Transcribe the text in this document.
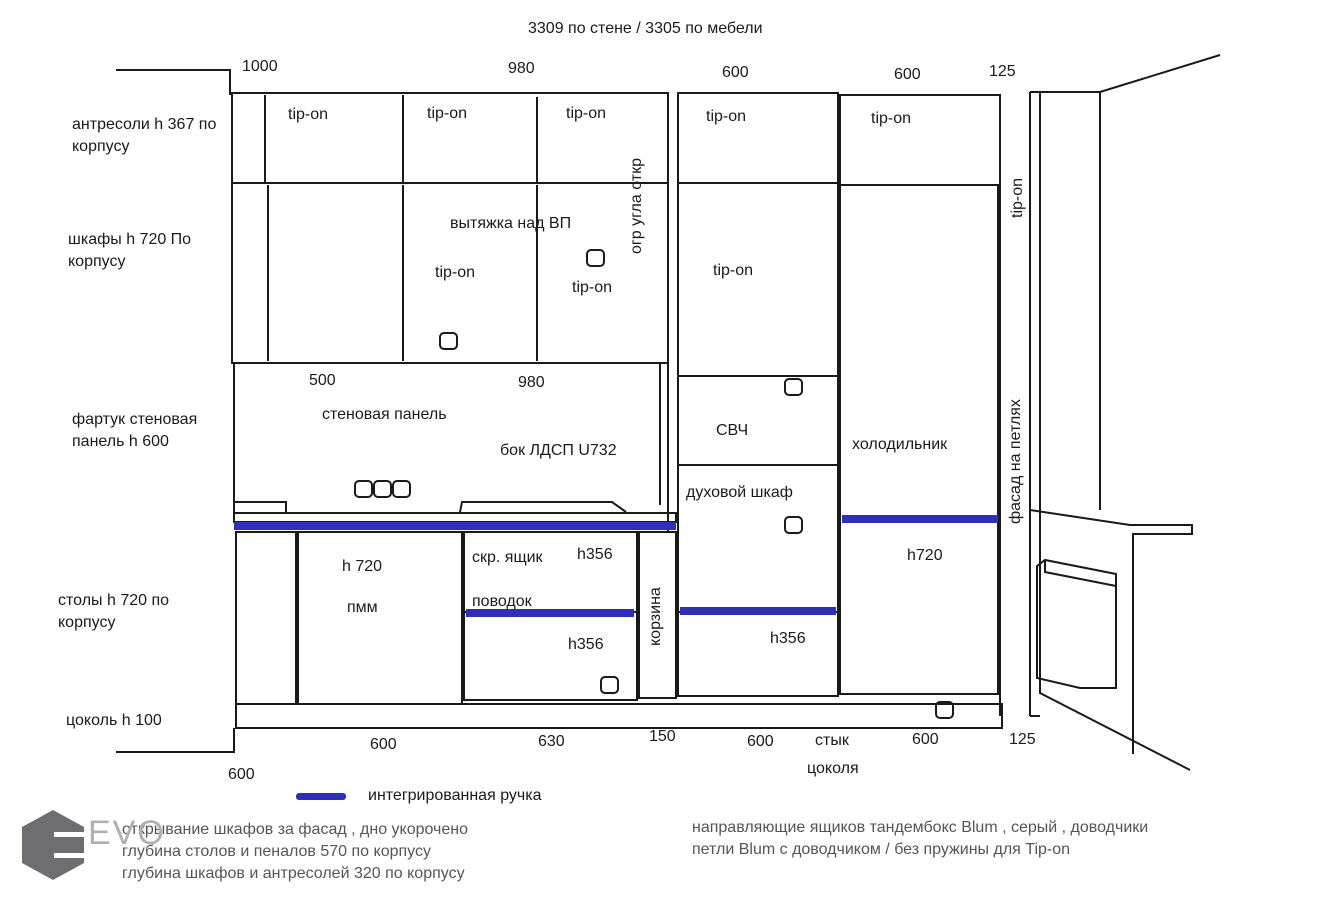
3309 по стене / 3305 по мебели
1000	980	600	600	125
антресоли h 367 по корпусу
шкафы h 720 По корпусу
фартук стеновая панель h 600
столы h 720 по корпусу
цоколь h 100
tip-on	tip-on	tip-on	tip-on	tip-on
вытяжка над ВП
tip-on
tip-on
tip-on
огр угла откр	tip-on
500	980
стеновая панель
бок ЛДСП U732
СВЧ
духовой шкаф
холодильник	фасад на петлях
h 720
пмм
скр. ящик h356
поводок
h356	корзина	h356
h720
600	630	150	600	стык
цоколя
600	125
600
интегрированная ручка
открывание шкафов за фасад , дно укорочено
глубина столов и пеналов 570 по корпусу
глубина шкафов и антресолей 320 по корпусу
направляющие ящиков тандембокс Blum , серый , доводчики
петли Blum с доводчиком / без пружины для Tip-on
EVO
